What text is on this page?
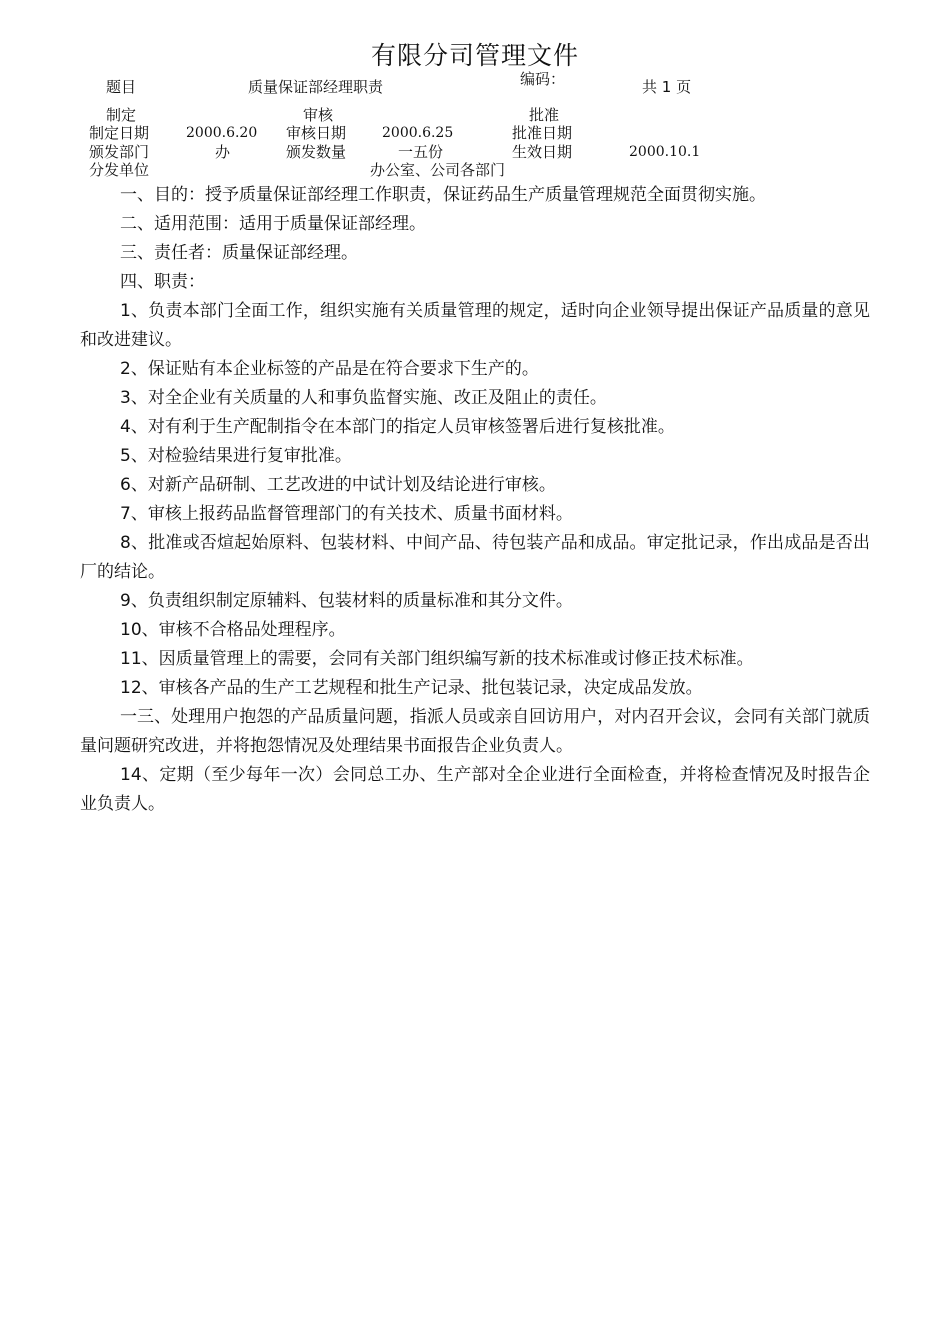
有限分司管理文件
题目	质量保证部经理职责	编码：	共 1 页
制定	审核	批准
制定日期	2000.6.20 审核日期	2000.6.25	批准日期
颁发部门	办	颁发数量	一五份	生效日期	2000.10.1
分发单位	办公室、公司各部门

一、目的：授予质量保证部经理工作职责，保证药品生产质量管理规范全面贯彻实施。

二、适用范围：适用于质量保证部经理。

三、责任者：质量保证部经理。

四、职责：

1、负责本部门全面工作，组织实施有关质量管理的规定，适时向企业领导提出保证产品质量的意见和改进建议。

2、保证贴有本企业标签的产品是在符合要求下生产的。

3、对全企业有关质量的人和事负监督实施、改正及阻止的责任。

4、对有利于生产配制指令在本部门的指定人员审核签署后进行复核批准。

5、对检验结果进行复审批准。

6、对新产品研制、工艺改进的中试计划及结论进行审核。

7、审核上报药品监督管理部门的有关技术、质量书面材料。

8、批准或否煊起始原料、包装材料、中间产品、待包装产品和成品。审定批记录，作出成品是否出厂的结论。

9、负责组织制定原辅料、包装材料的质量标准和其分文件。

10、审核不合格品处理程序。

11、因质量管理上的需要，会同有关部门组织编写新的技术标准或讨修正技术标准。

12、审核各产品的生产工艺规程和批生产记录、批包装记录，决定成品发放。

一三、处理用户抱怨的产品质量问题，指派人员或亲自回访用户，对内召开会议，会同有关部门就质量问题研究改进，并将抱怨情况及处理结果书面报告企业负责人。

14、定期（至少每年一次）会同总工办、生产部对全企业进行全面检查，并将检查情况及时报告企业负责人。
